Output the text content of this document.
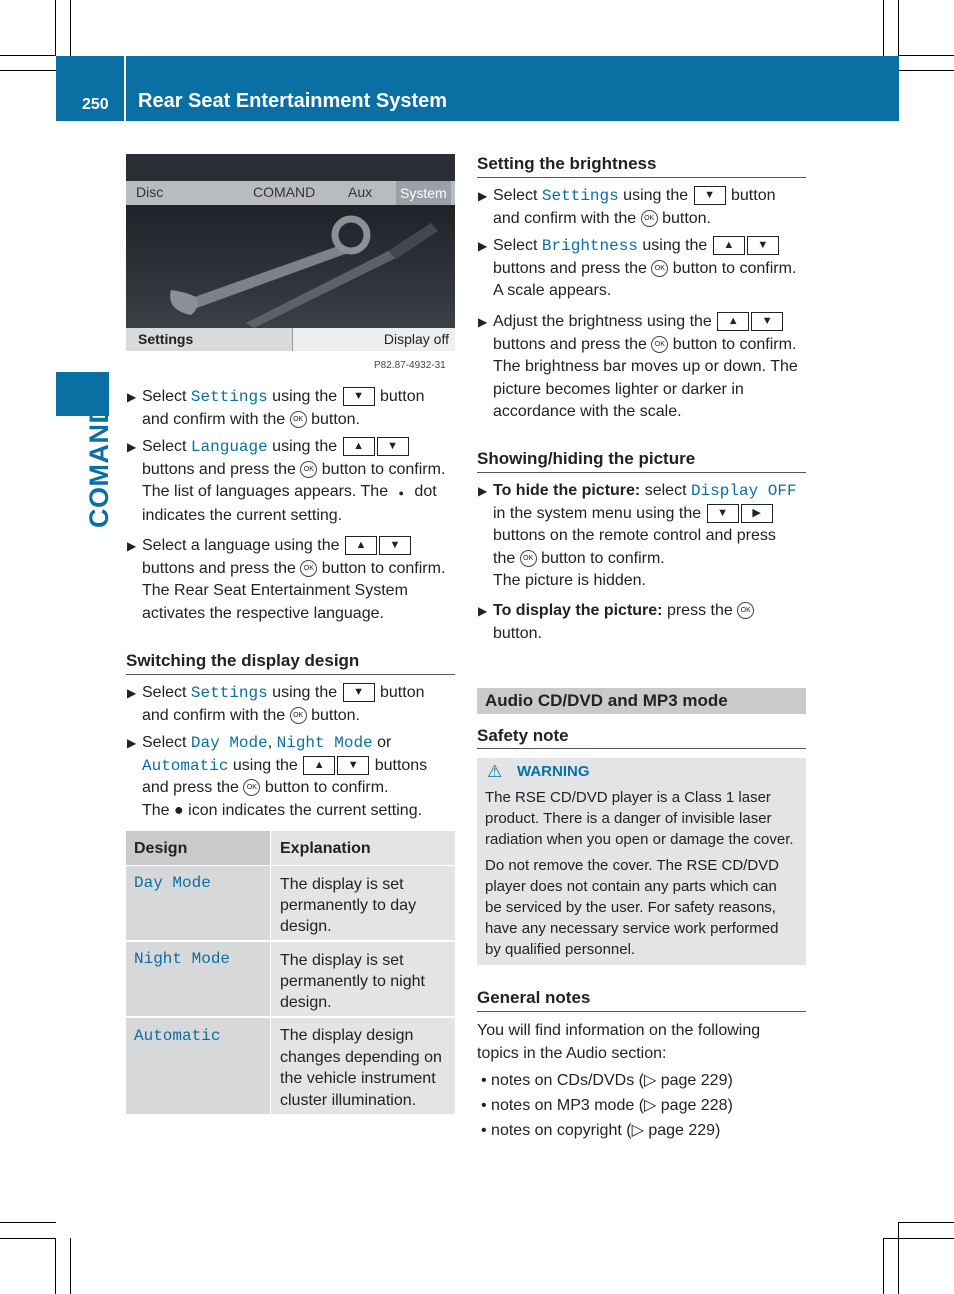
250 Rear Seat Entertainment System
COMAND
Disc	COMAND Aux System
Settings	Display off
P82.87-4932-31
▶ Select Settings using the ▼ button
and confirm with the OK button.
▶ Select Language using the ▲ ▼
buttons and press the OK button to confirm.
The list of languages appears. The ● dot
indicates the current setting.
▶ Select a language using the ▲ ▼
buttons and press the OK button to confirm.
The Rear Seat Entertainment System
activates the respective language.
Switching the display design
▶ Select Settings using the ▼ button
and confirm with the OK button.
▶ Select Day Mode, Night Mode or
Automatic using the ▲ ▼ buttons
and press the OK button to confirm.
The ● icon indicates the current setting.
Design	Explanation
Day Mode	The display is set
permanently to day
design.
Night Mode	The display is set
permanently to night
design.
Automatic	The display design
changes depending on
the vehicle instrument
cluster illumination.
Setting the brightness
▶ Select Settings using the ▼ button
and confirm with the OK button.
▶ Select Brightness using the ▲ ▼
buttons and press the OK button to confirm.
A scale appears.
▶ Adjust the brightness using the ▲ ▼
buttons and press the OK button to confirm.
The brightness bar moves up or down. The
picture becomes lighter or darker in
accordance with the scale.
Showing/hiding the picture
▶ To hide the picture: select Display OFF
in the system menu using the ▼ ▶
buttons on the remote control and press
the OK button to confirm.
The picture is hidden.
▶ To display the picture: press the OK
button.
Audio CD/DVD and MP3 mode
Safety note
⚠ WARNING
The RSE CD/DVD player is a Class 1 laser
product. There is a danger of invisible laser
radiation when you open or damage the cover.
Do not remove the cover. The RSE CD/DVD
player does not contain any parts which can
be serviced by the user. For safety reasons,
have any necessary service work performed
by qualified personnel.
General notes
You will find information on the following
topics in the Audio section:
• notes on CDs/DVDs (▷ page 229)
• notes on MP3 mode (▷ page 228)
• notes on copyright (▷ page 229)
